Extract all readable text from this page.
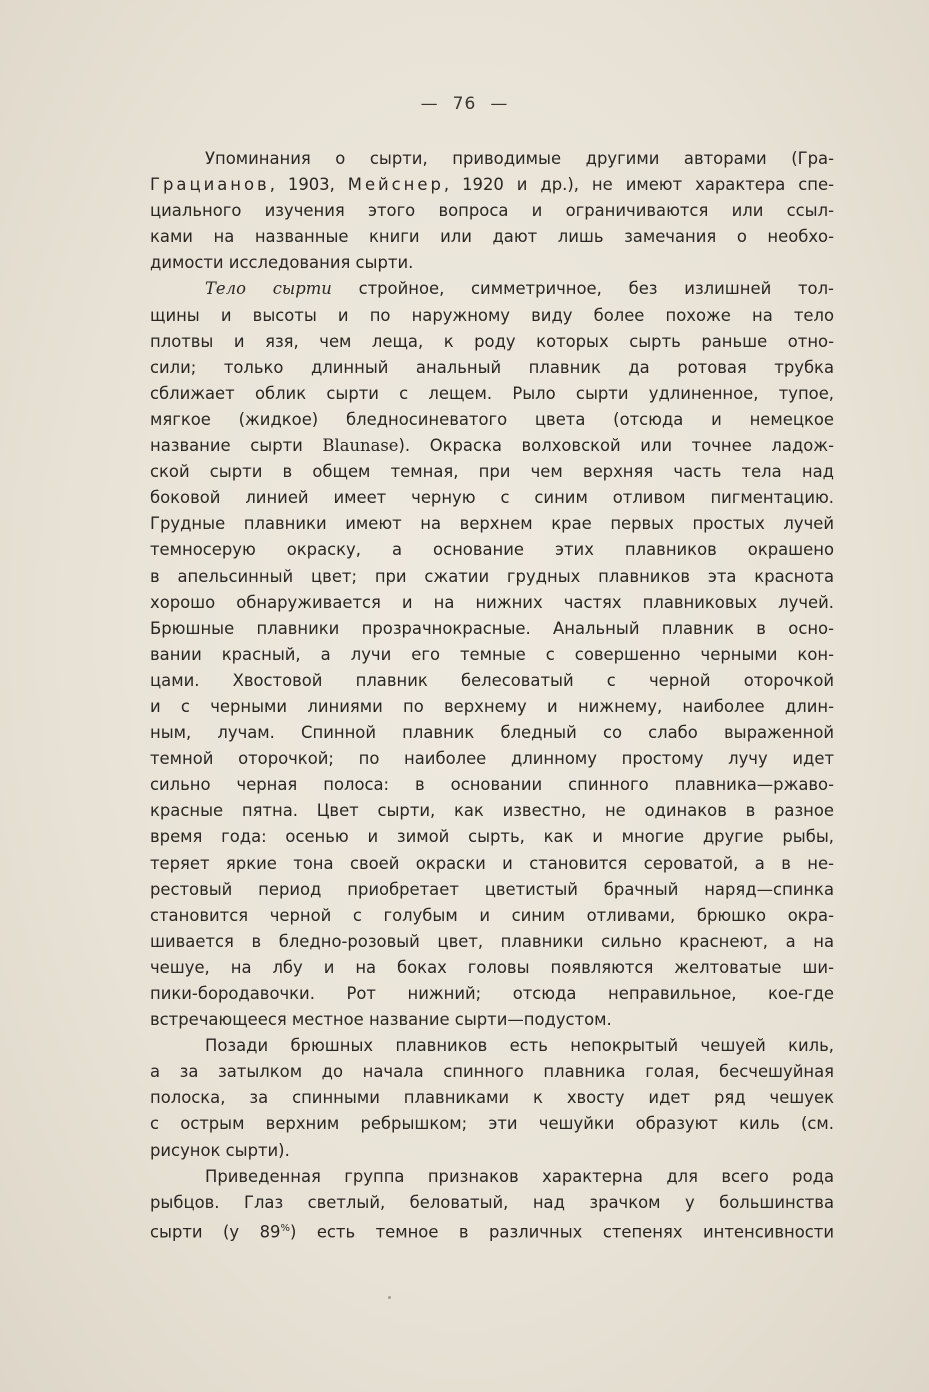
— 76 —
Упоминания о сырти, приводимые другими авторами (Гра-
Грацианов, 1903, Мейснер, 1920 и др.), не имеют характера спе-
циального изучения этого вопроса и ограничиваются или ссыл-
ками на названные книги или дают лишь замечания о необхо-
димости исследования сырти.
Тело сырти стройное, симметричное, без излишней тол-
щины и высоты и по наружному виду более похоже на тело
плотвы и язя, чем леща, к роду которых сырть раньше отно-
сили; только длинный анальный плавник да ротовая трубка
сближает облик сырти с лещем. Рыло сырти удлиненное, тупое,
мягкое (жидкое) бледносиневатого цвета (отсюда и немецкое
название сырти Blaunase). Окраска волховской или точнее ладож-
ской сырти в общем темная, при чем верхняя часть тела над
боковой линией имеет черную с синим отливом пигментацию.
Грудные плавники имеют на верхнем крае первых простых лучей
темносерую окраску, а основание этих плавников окрашено
в апельсинный цвет; при сжатии грудных плавников эта краснота
хорошо обнаруживается и на нижних частях плавниковых лучей.
Брюшные плавники прозрачнокрасные. Анальный плавник в осно-
вании красный, а лучи его темные с совершенно черными кон-
цами. Хвостовой плавник белесоватый с черной оторочкой
и с черными линиями по верхнему и нижнему, наиболее длин-
ным, лучам. Спинной плавник бледный со слабо выраженной
темной оторочкой; по наиболее длинному простому лучу идет
сильно черная полоса: в основании спинного плавника—ржаво-
красные пятна. Цвет сырти, как известно, не одинаков в разное
время года: осенью и зимой сырть, как и многие другие рыбы,
теряет яркие тона своей окраски и становится сероватой, а в не-
рестовый период приобретает цветистый брачный наряд—спинка
становится черной с голубым и синим отливами, брюшко окра-
шивается в бледно-розовый цвет, плавники сильно краснеют, а на
чешуе, на лбу и на боках головы появляются желтоватые ши-
пики-бородавочки. Рот нижний; отсюда неправильное, кое-где
встречающееся местное название сырти—подустом.
Позади брюшных плавников есть непокрытый чешуей киль,
а за затылком до начала спинного плавника голая, бесчешуйная
полоска, за спинными плавниками к хвосту идет ряд чешуек
с острым верхним ребрышком; эти чешуйки образуют киль (см.
рисунок сырти).
Приведенная группа признаков характерна для всего рода
рыбцов. Глаз светлый, беловатый, над зрачком у большинства
сырти (у 89%) есть темное в различных степенях интенсивности
